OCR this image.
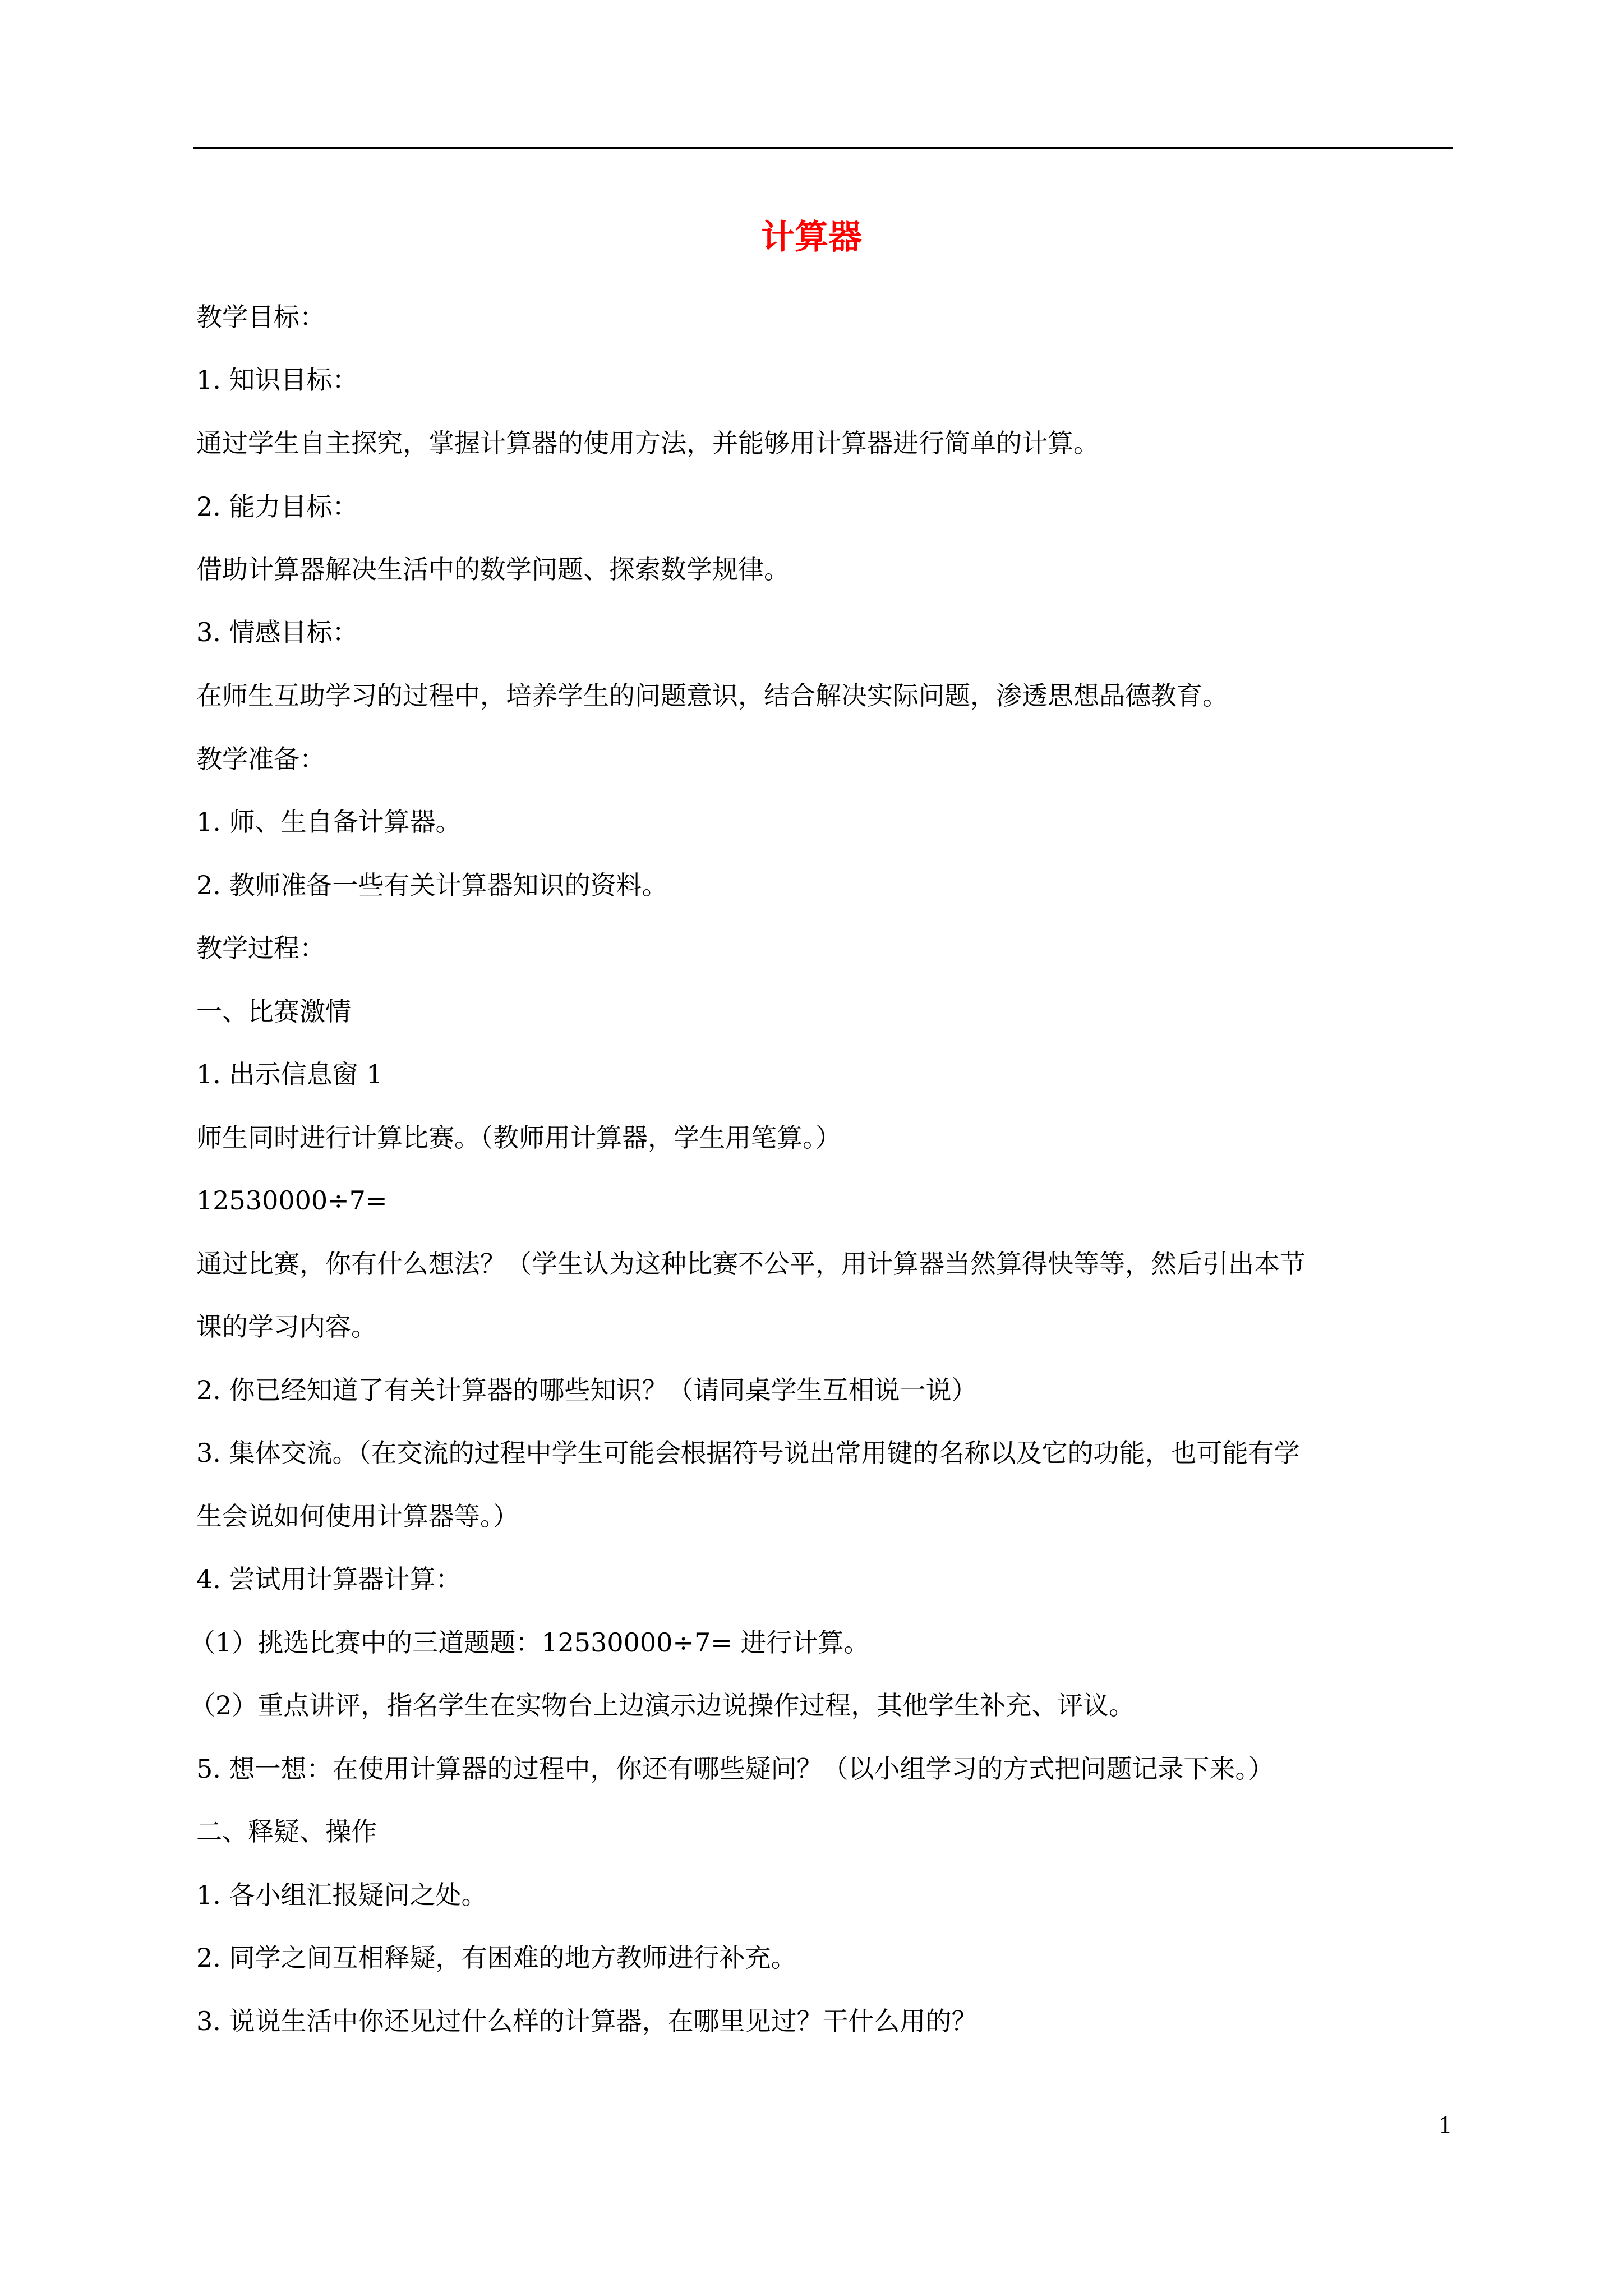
计算器
教学目标：
1. 知识目标：
通过学生自主探究，掌握计算器的使用方法，并能够用计算器进行简单的计算。
2. 能力目标：
借助计算器解决生活中的数学问题、探索数学规律。
3. 情感目标：
在师生互助学习的过程中，培养学生的问题意识，结合解决实际问题，渗透思想品德教育。
教学准备：
1. 师、生自备计算器。
2. 教师准备一些有关计算器知识的资料。
教学过程：
一、比赛激情
1. 出示信息窗 1
师生同时进行计算比赛。（教师用计算器，学生用笔算。）
12530000÷7=
通过比赛，你有什么想法？（学生认为这种比赛不公平，用计算器当然算得快等等，然后引出本节
课的学习内容。
2. 你已经知道了有关计算器的哪些知识？（请同桌学生互相说一说）
3. 集体交流。（在交流的过程中学生可能会根据符号说出常用键的名称以及它的功能，也可能有学
生会说如何使用计算器等。）
4. 尝试用计算器计算：
（1）挑选比赛中的三道题题：12530000÷7= 进行计算。
（2）重点讲评，指名学生在实物台上边演示边说操作过程，其他学生补充、评议。
5. 想一想：在使用计算器的过程中，你还有哪些疑问？（以小组学习的方式把问题记录下来。）
二、释疑、操作
1. 各小组汇报疑问之处。
2. 同学之间互相释疑，有困难的地方教师进行补充。
3. 说说生活中你还见过什么样的计算器，在哪里见过？干什么用的？
1
